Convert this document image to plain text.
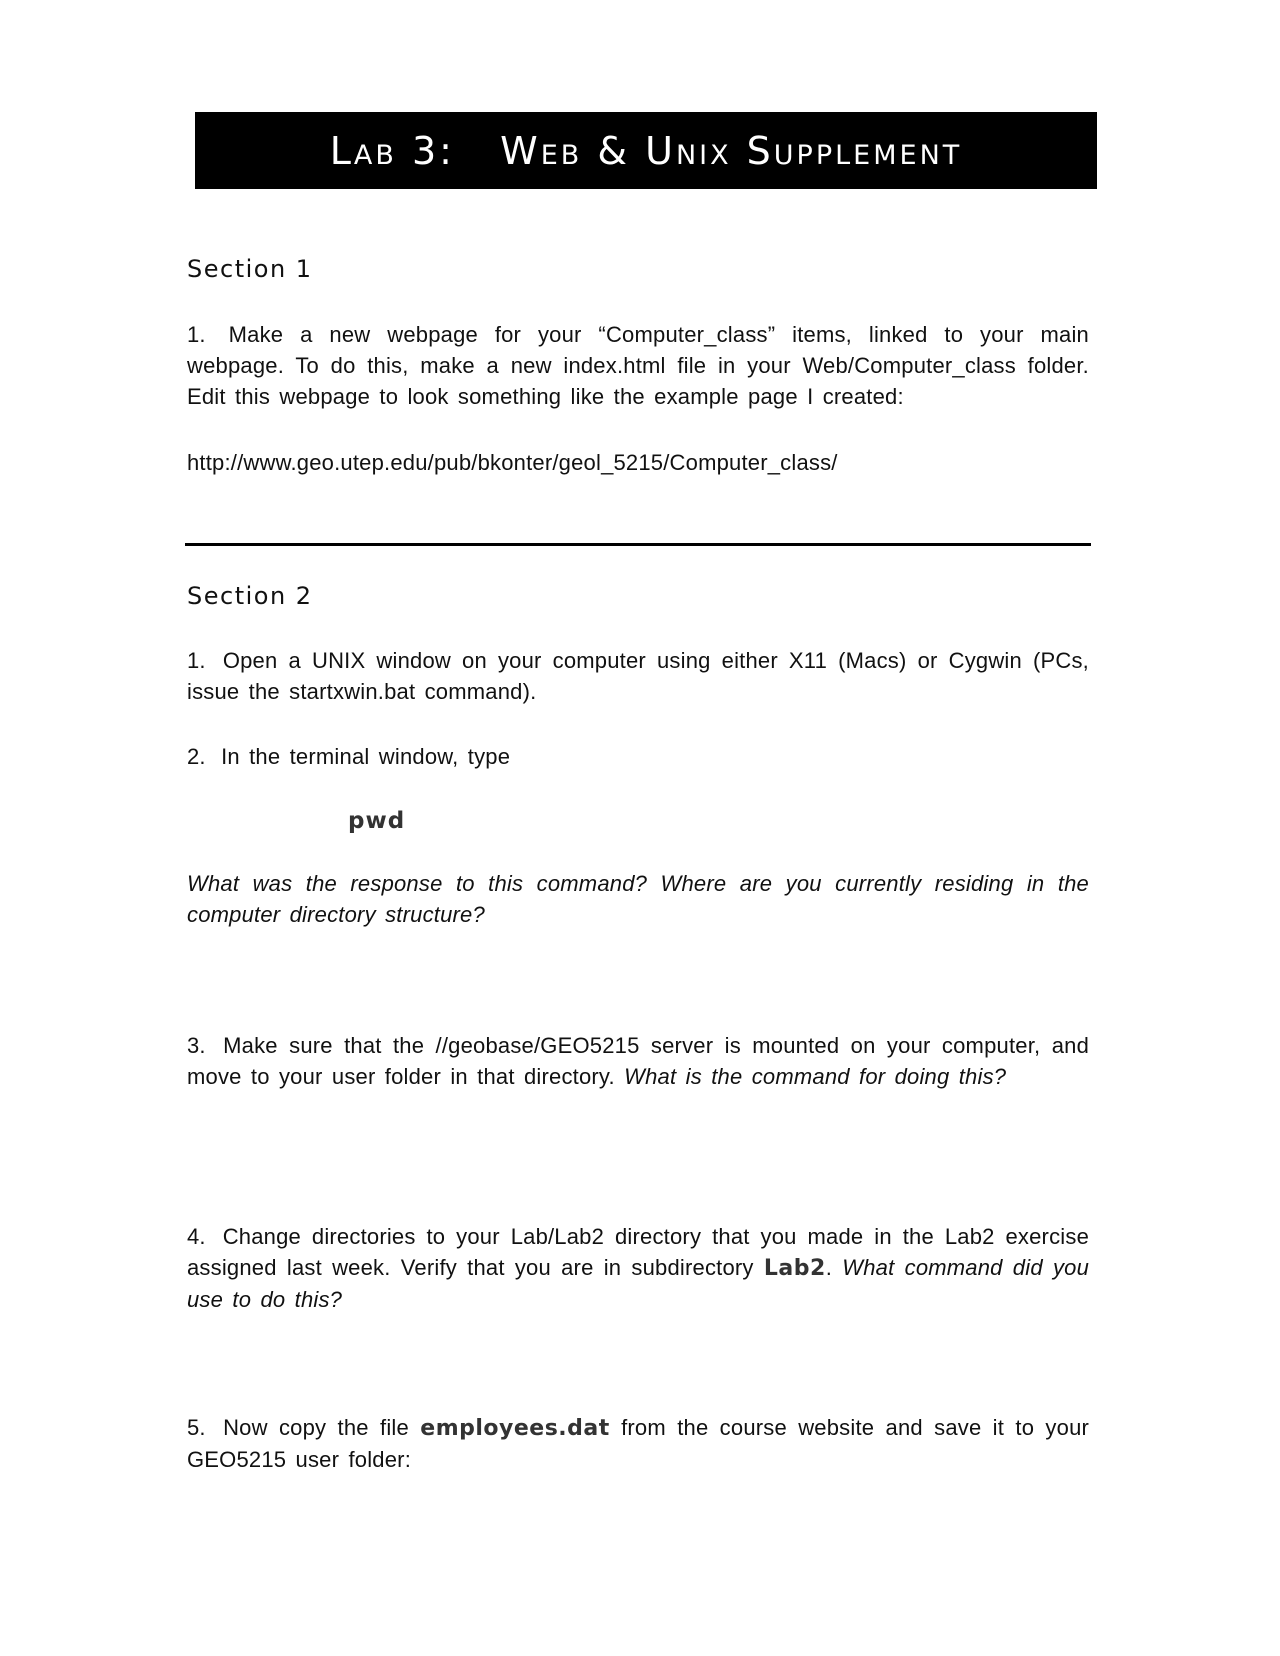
Lab 3:   Web & Unix Supplement
Section 1
1. Make a new webpage for your “Computer_class” items, linked to your main webpage. To do this, make a new index.html file in your Web/Computer_class folder. Edit this webpage to look something like the example page I created:
http://www.geo.utep.edu/pub/bkonter/geol_5215/Computer_class/
Section 2
1. Open a UNIX window on your computer using either X11 (Macs) or Cygwin (PCs, issue the startxwin.bat command).
2. In the terminal window, type
pwd
What was the response to this command? Where are you currently residing in the computer directory structure?
3. Make sure that the //geobase/GEO5215 server is mounted on your computer, and move to your user folder in that directory. What is the command for doing this?
4. Change directories to your Lab/Lab2 directory that you made in the Lab2 exercise assigned last week. Verify that you are in subdirectory Lab2. What command did you use to do this?
5. Now copy the file employees.dat from the course website and save it to your GEO5215 user folder:
